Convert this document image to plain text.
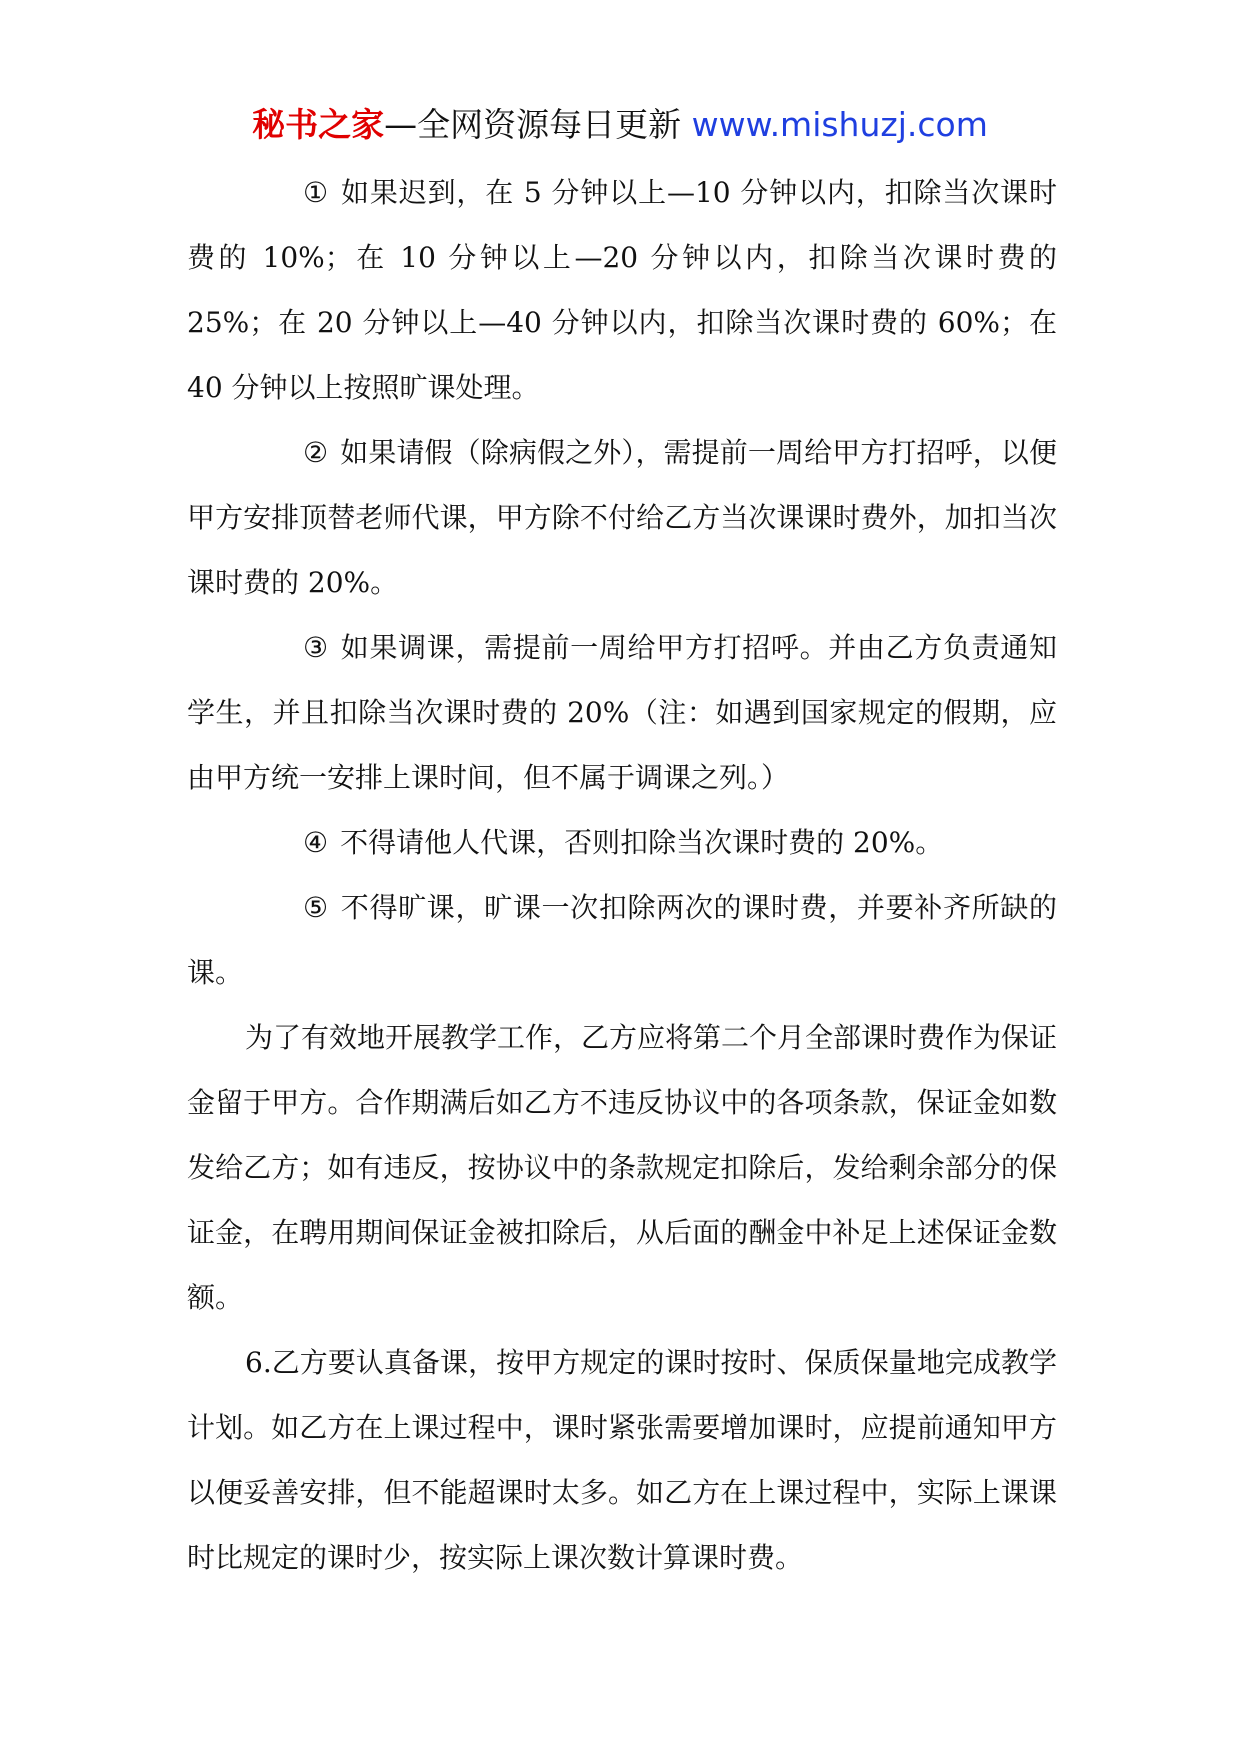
秘书之家—全网资源每日更新 www.mishuzj.com

① 如果迟到，在 5 分钟以上—10 分钟以内，扣除当次课时费的 10%；在 10 分钟以上—20 分钟以内，扣除当次课时费的 25%；在 20 分钟以上—40 分钟以内，扣除当次课时费的 60%；在 40 分钟以上按照旷课处理。

② 如果请假（除病假之外），需提前一周给甲方打招呼，以便甲方安排顶替老师代课，甲方除不付给乙方当次课课时费外，加扣当次课时费的 20%。

③ 如果调课，需提前一周给甲方打招呼。并由乙方负责通知学生，并且扣除当次课时费的 20%（注：如遇到国家规定的假期，应由甲方统一安排上课时间，但不属于调课之列。）

④ 不得请他人代课，否则扣除当次课时费的 20%。

⑤ 不得旷课，旷课一次扣除两次的课时费，并要补齐所缺的课。

为了有效地开展教学工作，乙方应将第二个月全部课时费作为保证金留于甲方。合作期满后如乙方不违反协议中的各项条款，保证金如数发给乙方；如有违反，按协议中的条款规定扣除后，发给剩余部分的保证金，在聘用期间保证金被扣除后，从后面的酬金中补足上述保证金数额。

6.乙方要认真备课，按甲方规定的课时按时、保质保量地完成教学计划。如乙方在上课过程中，课时紧张需要增加课时，应提前通知甲方以便妥善安排，但不能超课时太多。如乙方在上课过程中，实际上课课时比规定的课时少，按实际上课次数计算课时费。
